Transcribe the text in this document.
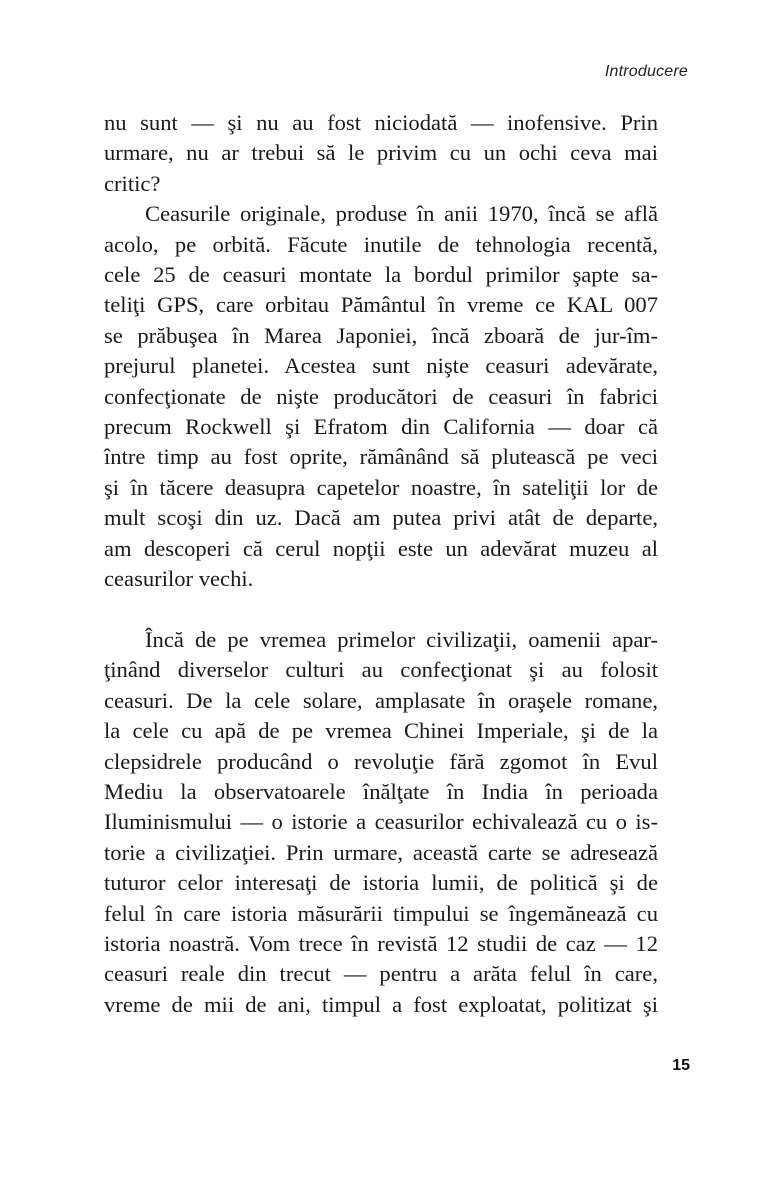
Introducere

nu sunt — şi nu au fost niciodată — inofensive. Prin
urmare, nu ar trebui să le privim cu un ochi ceva mai
critic?

Ceasurile originale, produse în anii 1970, încă se află
acolo, pe orbită. Făcute inutile de tehnologia recentă,
cele 25 de ceasuri montate la bordul primilor şapte sa-
teliţi GPS, care orbitau Pământul în vreme ce KAL 007
se prăbuşea în Marea Japoniei, încă zboară de jur-îm-
prejurul planetei. Acestea sunt nişte ceasuri adevărate,
confecţionate de nişte producători de ceasuri în fabrici
precum Rockwell şi Efratom din California — doar că
între timp au fost oprite, rămânând să plutească pe veci
şi în tăcere deasupra capetelor noastre, în sateliţii lor de
mult scoşi din uz. Dacă am putea privi atât de departe,
am descoperi că cerul nopţii este un adevărat muzeu al
ceasurilor vechi.

Încă de pe vremea primelor civilizaţii, oamenii apar-
ţinând diverselor culturi au confecţionat şi au folosit
ceasuri. De la cele solare, amplasate în oraşele romane,
la cele cu apă de pe vremea Chinei Imperiale, şi de la
clepsidrele producând o revoluţie fără zgomot în Evul
Mediu la observatoarele înălţate în India în perioada
Iluminismului — o istorie a ceasurilor echivalează cu o is-
torie a civilizaţiei. Prin urmare, această carte se adresează
tuturor celor interesaţi de istoria lumii, de politică şi de
felul în care istoria măsurării timpului se îngemănează cu
istoria noastră. Vom trece în revistă 12 studii de caz — 12
ceasuri reale din trecut — pentru a arăta felul în care,
vreme de mii de ani, timpul a fost exploatat, politizat şi

15
